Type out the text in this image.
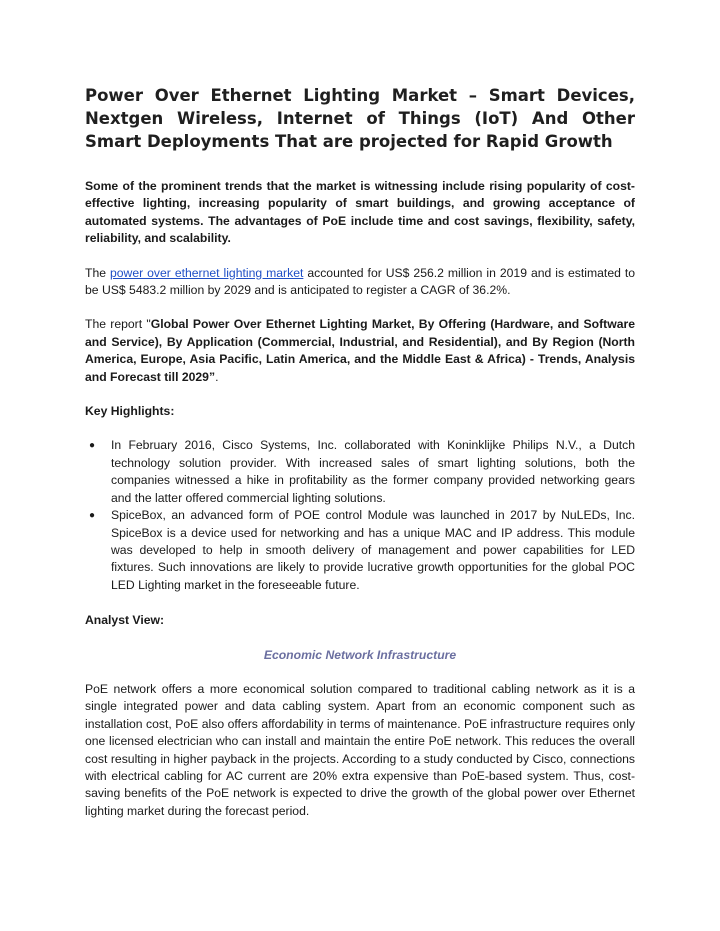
Power Over Ethernet Lighting Market – Smart Devices, Nextgen Wireless, Internet of Things (IoT) And Other Smart Deployments That are projected for Rapid Growth

Some of the prominent trends that the market is witnessing include rising popularity of cost-effective lighting, increasing popularity of smart buildings, and growing acceptance of automated systems. The advantages of PoE include time and cost savings, flexibility, safety, reliability, and scalability.

The power over ethernet lighting market accounted for US$ 256.2 million in 2019 and is estimated to be US$ 5483.2 million by 2029 and is anticipated to register a CAGR of 36.2%.

The report "Global Power Over Ethernet Lighting Market, By Offering (Hardware, and Software and Service), By Application (Commercial, Industrial, and Residential), and By Region (North America, Europe, Asia Pacific, Latin America, and the Middle East & Africa) - Trends, Analysis and Forecast till 2029”.

Key Highlights:

● In February 2016, Cisco Systems, Inc. collaborated with Koninklijke Philips N.V., a Dutch technology solution provider. With increased sales of smart lighting solutions, both the companies witnessed a hike in profitability as the former company provided networking gears and the latter offered commercial lighting solutions.
● SpiceBox, an advanced form of POE control Module was launched in 2017 by NuLEDs, Inc. SpiceBox is a device used for networking and has a unique MAC and IP address. This module was developed to help in smooth delivery of management and power capabilities for LED fixtures. Such innovations are likely to provide lucrative growth opportunities for the global POC LED Lighting market in the foreseeable future.

Analyst View:

Economic Network Infrastructure

PoE network offers a more economical solution compared to traditional cabling network as it is a single integrated power and data cabling system. Apart from an economic component such as installation cost, PoE also offers affordability in terms of maintenance. PoE infrastructure requires only one licensed electrician who can install and maintain the entire PoE network. This reduces the overall cost resulting in higher payback in the projects. According to a study conducted by Cisco, connections with electrical cabling for AC current are 20% extra expensive than PoE-based system. Thus, cost-saving benefits of the PoE network is expected to drive the growth of the global power over Ethernet lighting market during the forecast period.
